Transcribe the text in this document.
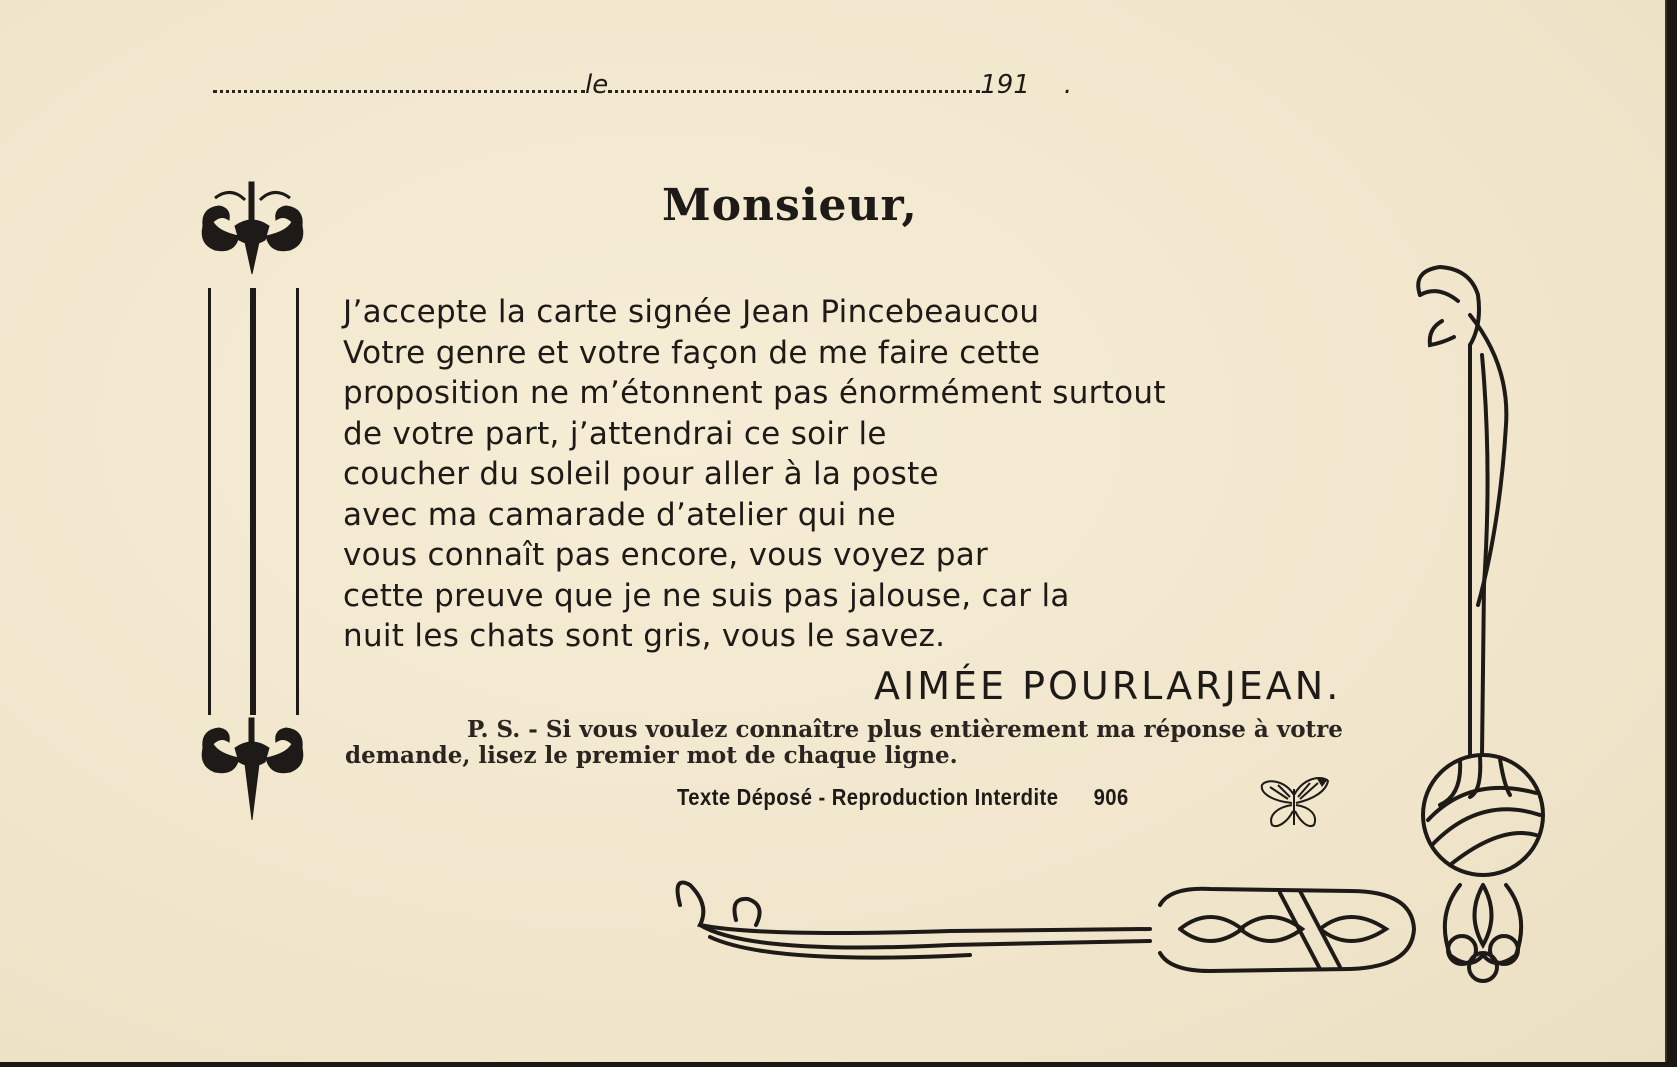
le	191 .
Monsieur,
J’accepte la carte signée Jean Pincebeaucou
Votre genre et votre façon de me faire cette
proposition ne m’étonnent pas énormément surtout
de votre part, j’attendrai ce soir le
coucher du soleil pour aller à la poste
avec ma camarade d’atelier qui ne
vous connaît pas encore, vous voyez par
cette preuve que je ne suis pas jalouse, car la
nuit les chats sont gris, vous le savez.
AIMÉE POURLARJEAN.
P. S. - Si vous voulez connaître plus entièrement ma réponse à votre
demande, lisez le premier mot de chaque ligne.
Texte Déposé - Reproduction Interdite 906
